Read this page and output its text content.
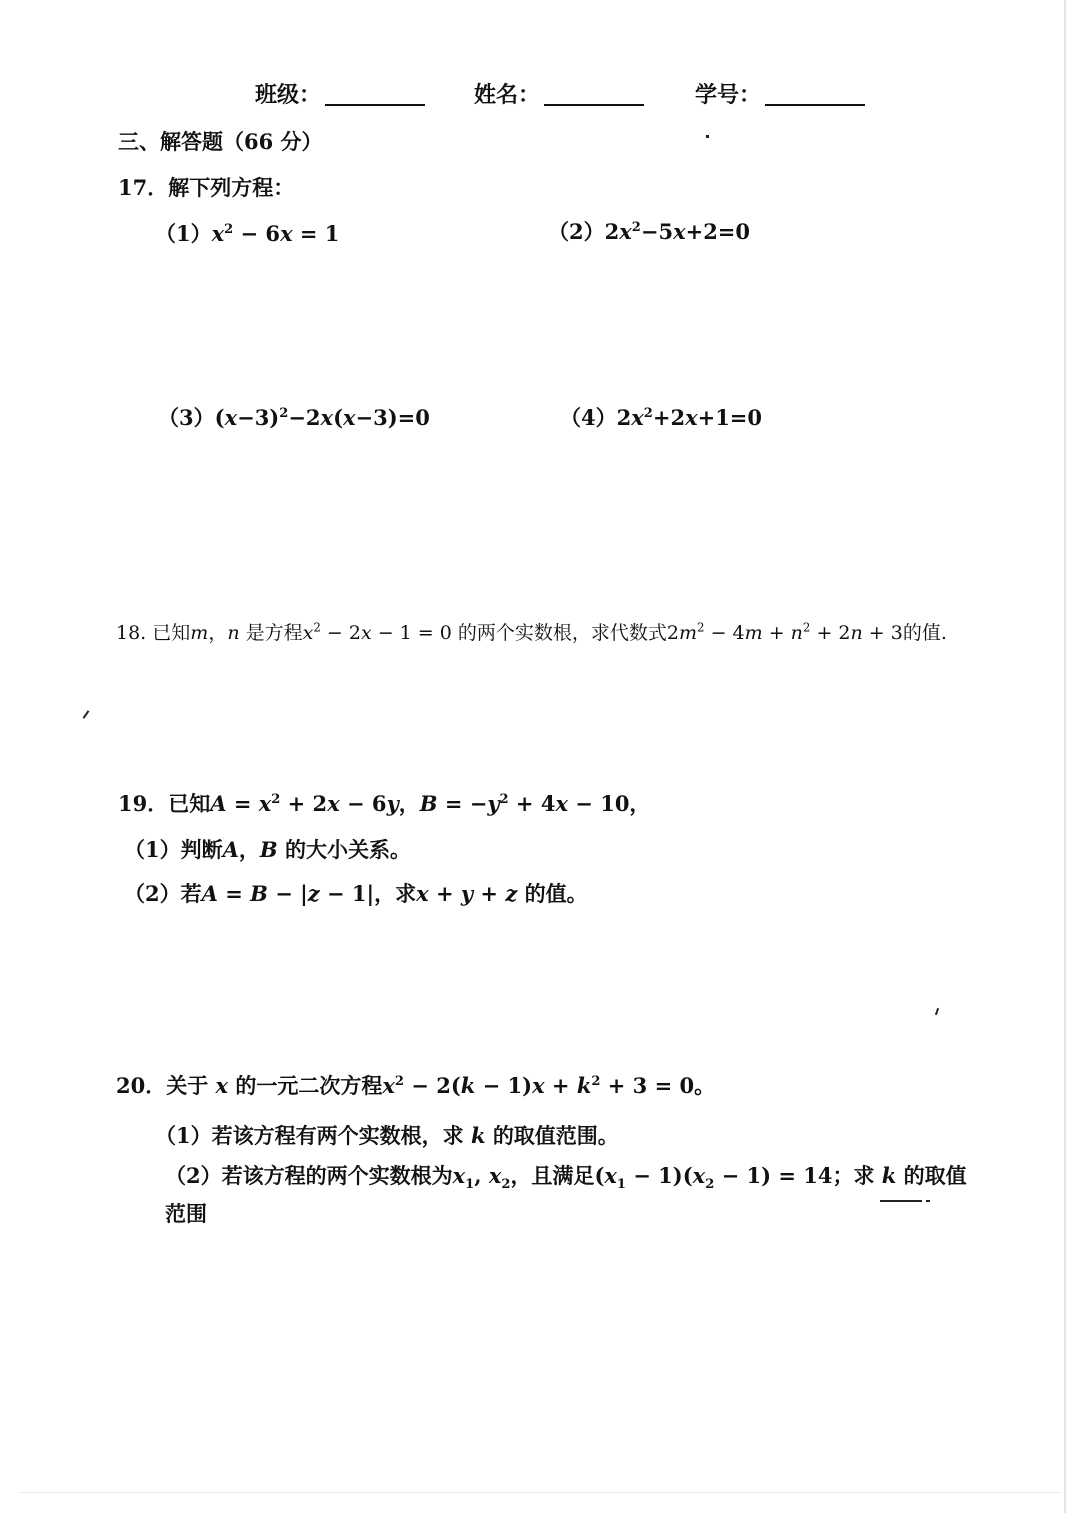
班级：	姓名：	学号：
三、解答题（66 分）
17．解下列方程：
$(1)x^2 - 6x = 1$	$(2)2x^2-5x+2=0$
$(3)(x-3)^2-2x(x-3)=0$	$(4)2x^2+2x+1=0$
18. 已知m，n 是方程$x^2 - 2x - 1 = 0$ 的两个实数根，求代数式$2m^2 - 4m + n^2 + 2n + 3$的值.
19．已知$A = x^2 + 2x - 6y$，$B = -y^2 + 4x - 10$，
（1）判断A，B 的大小关系。
（2）若A = B − |z − 1|，求x + y + z 的值。
20．关于 x 的一元二次方程$x^2 - 2(k - 1)x + k^2 + 3 = 0$。
（1）若该方程有两个实数根，求 k 的取值范围。
（2）若该方程的两个实数根为$x_1$, $x_2$，且满足$(x_1 - 1)(x_2 - 1) = 14$；求 k 的取值
范围
